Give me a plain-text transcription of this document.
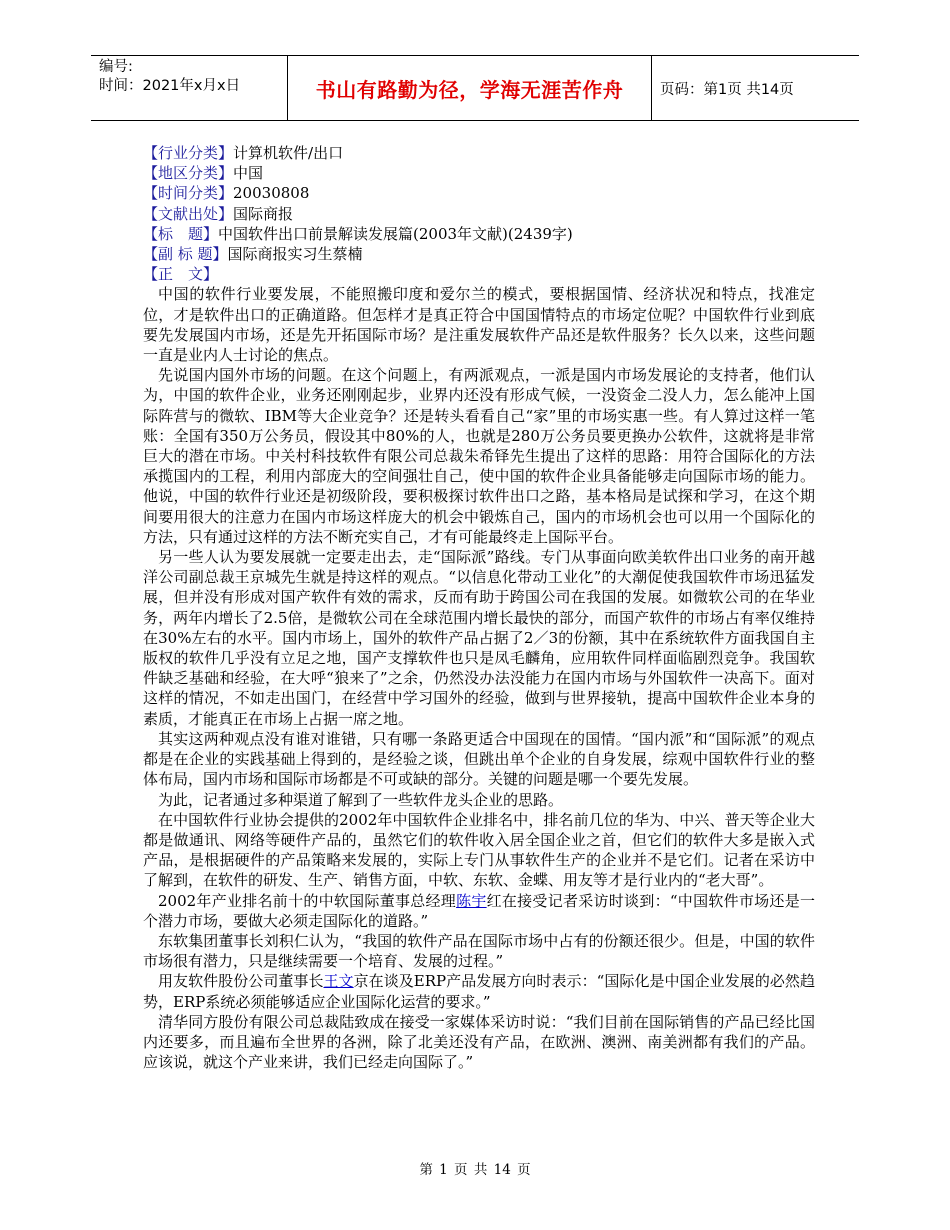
编号:
时间：2021年x月x日	书山有路勤为径，学海无涯苦作舟	页码：第1页 共14页
【行业分类】计算机软件/出口
【地区分类】中国
【时间分类】20030808
【文献出处】国际商报
【标　题】中国软件出口前景解读发展篇(2003年文献)(2439字)
【副 标 题】国际商报实习生蔡楠
【正　文】

中国的软件行业要发展，不能照搬印度和爱尔兰的模式，要根据国情、经济状况和特点，找准定位，才是软件出口的正确道路。但怎样才是真正符合中国国情特点的市场定位呢？中国软件行业到底要先发展国内市场，还是先开拓国际市场？是注重发展软件产品还是软件服务？长久以来，这些问题一直是业内人士讨论的焦点。

先说国内国外市场的问题。在这个问题上，有两派观点，一派是国内市场发展论的支持者，他们认为，中国的软件企业，业务还刚刚起步，业界内还没有形成气候，一没资金二没人力，怎么能冲上国际阵营与的微软、IBM等大企业竞争？还是转头看看自己“家”里的市场实惠一些。有人算过这样一笔账：全国有350万公务员，假设其中80%的人，也就是280万公务员要更换办公软件，这就将是非常巨大的潜在市场。中关村科技软件有限公司总裁朱希铎先生提出了这样的思路：用符合国际化的方法承揽国内的工程，利用内部庞大的空间强壮自己，使中国的软件企业具备能够走向国际市场的能力。他说，中国的软件行业还是初级阶段，要积极探讨软件出口之路，基本格局是试探和学习，在这个期间要用很大的注意力在国内市场这样庞大的机会中锻炼自己，国内的市场机会也可以用一个国际化的方法，只有通过这样的方法不断充实自己，才有可能最终走上国际平台。

另一些人认为要发展就一定要走出去，走“国际派”路线。专门从事面向欧美软件出口业务的南开越洋公司副总裁王京城先生就是持这样的观点。“以信息化带动工业化”的大潮促使我国软件市场迅猛发展，但并没有形成对国产软件有效的需求，反而有助于跨国公司在我国的发展。如微软公司的在华业务，两年内增长了2.5倍，是微软公司在全球范围内增长最快的部分，而国产软件的市场占有率仅维持在30%左右的水平。国内市场上，国外的软件产品占据了2／3的份额，其中在系统软件方面我国自主版权的软件几乎没有立足之地，国产支撑软件也只是凤毛麟角，应用软件同样面临剧烈竞争。我国软件缺乏基础和经验，在大呼“狼来了”之余，仍然没办法没能力在国内市场与外国软件一决高下。面对这样的情况，不如走出国门，在经营中学习国外的经验，做到与世界接轨，提高中国软件企业本身的素质，才能真正在市场上占据一席之地。

其实这两种观点没有谁对谁错，只有哪一条路更适合中国现在的国情。“国内派”和“国际派”的观点都是在企业的实践基础上得到的，是经验之谈，但跳出单个企业的自身发展，综观中国软件行业的整体布局，国内市场和国际市场都是不可或缺的部分。关键的问题是哪一个要先发展。

为此，记者通过多种渠道了解到了一些软件龙头企业的思路。

在中国软件行业协会提供的2002年中国软件企业排名中，排名前几位的华为、中兴、普天等企业大都是做通讯、网络等硬件产品的，虽然它们的软件收入居全国企业之首，但它们的软件大多是嵌入式产品，是根据硬件的产品策略来发展的，实际上专门从事软件生产的企业并不是它们。记者在采访中了解到，在软件的研发、生产、销售方面，中软、东软、金蝶、用友等才是行业内的“老大哥”。

2002年产业排名前十的中软国际董事总经理陈宇红在接受记者采访时谈到：“中国软件市场还是一个潜力市场，要做大必须走国际化的道路。”

东软集团董事长刘积仁认为，“我国的软件产品在国际市场中占有的份额还很少。但是，中国的软件市场很有潜力，只是继续需要一个培育、发展的过程。”

用友软件股份公司董事长王文京在谈及ERP产品发展方向时表示：“国际化是中国企业发展的必然趋势，ERP系统必须能够适应企业国际化运营的要求。”

清华同方股份有限公司总裁陆致成在接受一家媒体采访时说：“我们目前在国际销售的产品已经比国内还要多，而且遍布全世界的各洲，除了北美还没有产品，在欧洲、澳洲、南美洲都有我们的产品。应该说，就这个产业来讲，我们已经走向国际了。”

第 1 页 共 14 页
